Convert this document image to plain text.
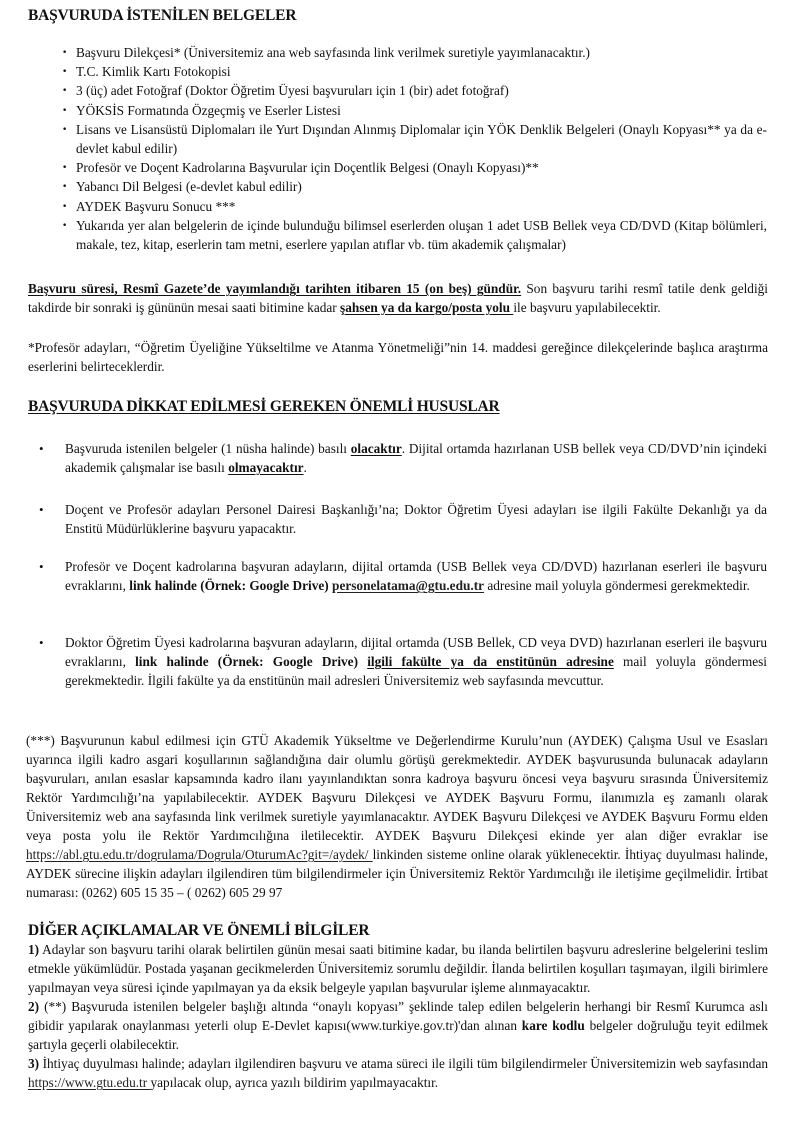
BAŞVURUDA İSTENİLEN BELGELER
· Başvuru Dilekçesi* (Üniversitemiz ana web sayfasında link verilmek suretiyle yayımlanacaktır.)
· T.C. Kimlik Kartı Fotokopisi
· 3 (üç) adet Fotoğraf (Doktor Öğretim Üyesi başvuruları için 1 (bir) adet fotoğraf)
· YÖKSİS Formatında Özgeçmiş ve Eserler Listesi
· Lisans ve Lisansüstü Diplomaları ile Yurt Dışından Alınmış Diplomalar için YÖK Denklik Belgeleri (Onaylı Kopyası** ya da e-devlet kabul edilir)
· Profesör ve Doçent Kadrolarına Başvurular için Doçentlik Belgesi (Onaylı Kopyası)**
· Yabancı Dil Belgesi (e-devlet kabul edilir)
· AYDEK Başvuru Sonucu ***
· Yukarıda yer alan belgelerin de içinde bulunduğu bilimsel eserlerden oluşan 1 adet USB Bellek veya CD/DVD (Kitap bölümleri, makale, tez, kitap, eserlerin tam metni, eserlere yapılan atıflar vb. tüm akademik çalışmalar)
Başvuru süresi, Resmî Gazete’de yayımlandığı tarihten itibaren 15 (on beş) gündür. Son başvuru tarihi resmî tatile denk geldiği takdirde bir sonraki iş gününün mesai saati bitimine kadar şahsen ya da kargo/posta yolu ile başvuru yapılabilecektir.
*Profesör adayları, “Öğretim Üyeliğine Yükseltilme ve Atanma Yönetmeliği”nin 14. maddesi gereğince dilekçelerinde başlıca araştırma eserlerini belirteceklerdir.
BAŞVURUDA DİKKAT EDİLMESİ GEREKEN ÖNEMLİ HUSUSLAR
• Başvuruda istenilen belgeler (1 nüsha halinde) basılı olacaktır. Dijital ortamda hazırlanan USB bellek veya CD/DVD’nin içindeki akademik çalışmalar ise basılı olmayacaktır.
• Doçent ve Profesör adayları Personel Dairesi Başkanlığı’na; Doktor Öğretim Üyesi adayları ise ilgili Fakülte Dekanlığı ya da Enstitü Müdürlüklerine başvuru yapacaktır.
• Profesör ve Doçent kadrolarına başvuran adayların, dijital ortamda (USB Bellek veya CD/DVD) hazırlanan eserleri ile başvuru evraklarını, link halinde (Örnek: Google Drive) personelatama@gtu.edu.tr adresine mail yoluyla göndermesi gerekmektedir.
• Doktor Öğretim Üyesi kadrolarına başvuran adayların, dijital ortamda (USB Bellek, CD veya DVD) hazırlanan eserleri ile başvuru evraklarını, link halinde (Örnek: Google Drive) ilgili fakülte ya da enstitünün adresine mail yoluyla göndermesi gerekmektedir. İlgili fakülte ya da enstitünün mail adresleri Üniversitemiz web sayfasında mevcuttur.
(***) Başvurunun kabul edilmesi için GTÜ Akademik Yükseltme ve Değerlendirme Kurulu’nun (AYDEK) Çalışma Usul ve Esasları uyarınca ilgili kadro asgari koşullarının sağlandığına dair olumlu görüşü gerekmektedir. AYDEK başvurusunda bulunacak adayların başvuruları, anılan esaslar kapsamında kadro ilanı yayınlandıktan sonra kadroya başvuru öncesi veya başvuru sırasında Üniversitemiz Rektör Yardımcılığı’na yapılabilecektir. AYDEK Başvuru Dilekçesi ve AYDEK Başvuru Formu, ilanımızla eş zamanlı olarak Üniversitemiz web ana sayfasında link verilmek suretiyle yayımlanacaktır. AYDEK Başvuru Dilekçesi ve AYDEK Başvuru Formu elden veya posta yolu ile Rektör Yardımcılığına iletilecektir. AYDEK Başvuru Dilekçesi ekinde yer alan diğer evraklar ise https://abl.gtu.edu.tr/dogrulama/Dogrula/OturumAc?git=/aydek/ linkinden sisteme online olarak yüklenecektir. İhtiyaç duyulması halinde, AYDEK sürecine ilişkin adayları ilgilendiren tüm bilgilendirmeler için Üniversitemiz Rektör Yardımcılığı ile iletişime geçilmelidir. İrtibat numarası: (0262) 605 15 35 – ( 0262) 605 29 97
DİĞER AÇIKLAMALAR VE ÖNEMLİ BİLGİLER
1) Adaylar son başvuru tarihi olarak belirtilen günün mesai saati bitimine kadar, bu ilanda belirtilen başvuru adreslerine belgelerini teslim etmekle yükümlüdür. Postada yaşanan gecikmelerden Üniversitemiz sorumlu değildir. İlanda belirtilen koşulları taşımayan, ilgili birimlere yapılmayan veya süresi içinde yapılmayan ya da eksik belgeyle yapılan başvurular işleme alınmayacaktır.
2) (**) Başvuruda istenilen belgeler başlığı altında “onaylı kopyası” şeklinde talep edilen belgelerin herhangi bir Resmî Kurumca aslı gibidir yapılarak onaylanması yeterli olup E-Devlet kapısı(www.turkiye.gov.tr)'dan alınan kare kodlu belgeler doğruluğu teyit edilmek şartıyla geçerli olabilecektir.
3) İhtiyaç duyulması halinde; adayları ilgilendiren başvuru ve atama süreci ile ilgili tüm bilgilendirmeler Üniversitemizin web sayfasından https://www.gtu.edu.tr yapılacak olup, ayrıca yazılı bildirim yapılmayacaktır.
